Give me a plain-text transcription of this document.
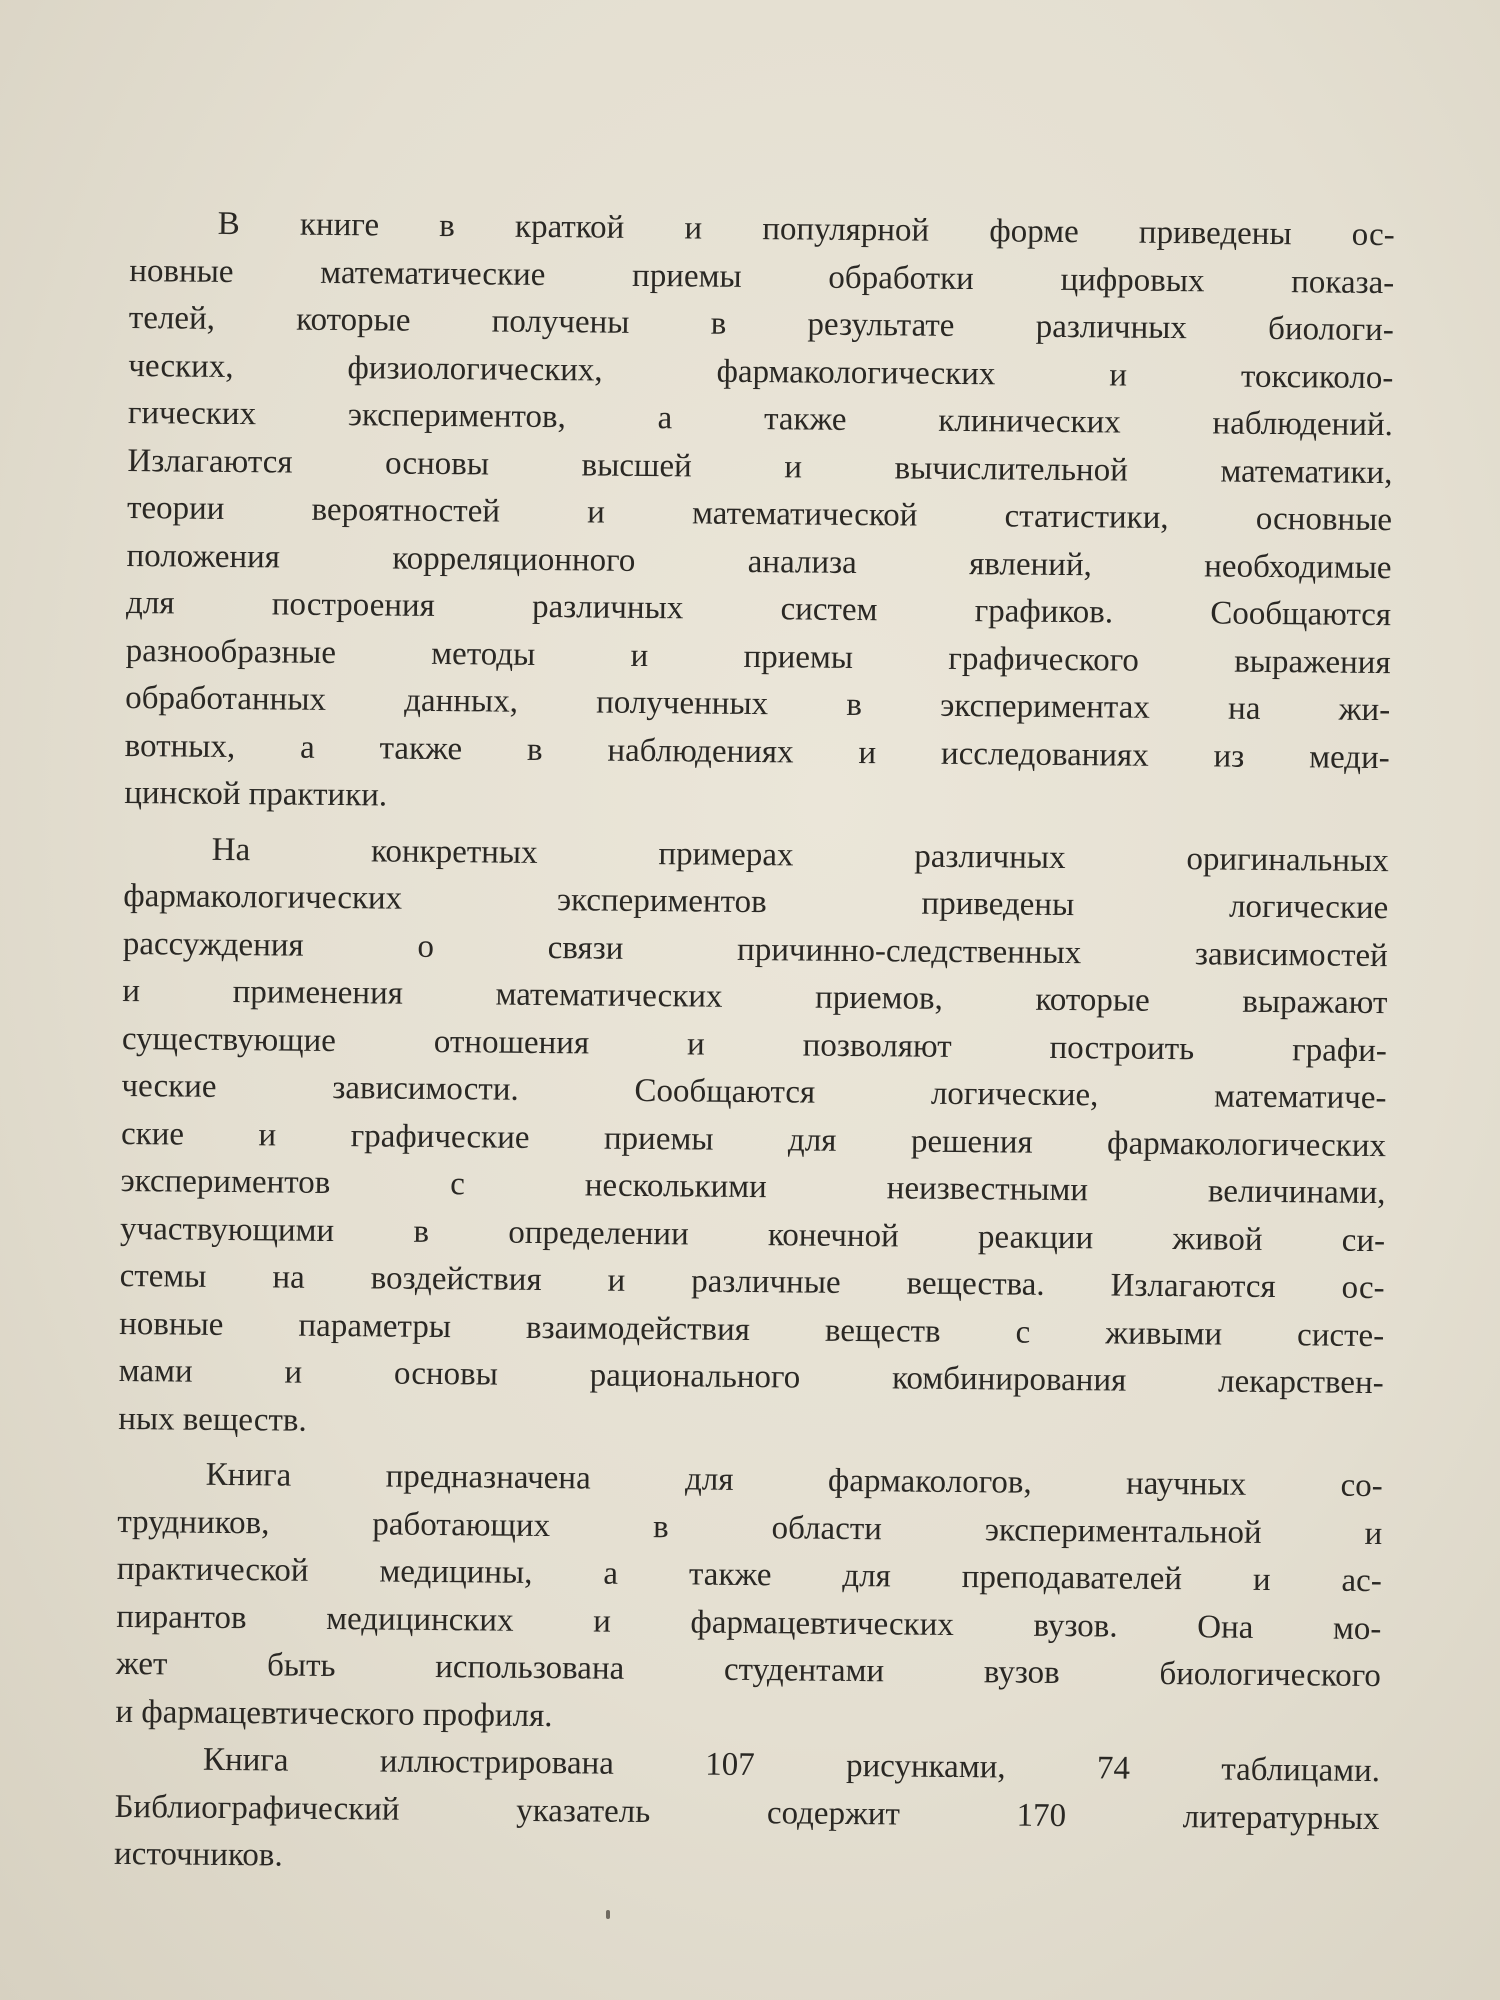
В книге в краткой и популярной форме приведены ос-
новные математические приемы обработки цифровых показа-
телей, которые получены в результате различных биологи-
ческих, физиологических, фармакологических и токсиколо-
гических экспериментов, а также клинических наблюдений.
Излагаются основы высшей и вычислительной математики,
теории вероятностей и математической статистики, основные
положения корреляционного анализа явлений, необходимые
для построения различных систем графиков. Сообщаются
разнообразные методы и приемы графического выражения
обработанных данных, полученных в экспериментах на жи-
вотных, а также в наблюдениях и исследованиях из меди-
цинской практики.
На конкретных примерах различных оригинальных
фармакологических экспериментов приведены логические
рассуждения о связи причинно-следственных зависимостей
и применения математических приемов, которые выражают
существующие отношения и позволяют построить графи-
ческие зависимости. Сообщаются логические, математиче-
ские и графические приемы для решения фармакологических
экспериментов с несколькими неизвестными величинами,
участвующими в определении конечной реакции живой си-
стемы на воздействия и различные вещества. Излагаются ос-
новные параметры взаимодействия веществ с живыми систе-
мами и основы рационального комбинирования лекарствен-
ных веществ.
Книга предназначена для фармакологов, научных со-
трудников, работающих в области экспериментальной и
практической медицины, а также для преподавателей и ас-
пирантов медицинских и фармацевтических вузов. Она мо-
жет быть использована студентами вузов биологического
и фармацевтического профиля.
Книга иллюстрирована 107 рисунками, 74 таблицами.
Библиографический указатель содержит 170 литературных
источников.
